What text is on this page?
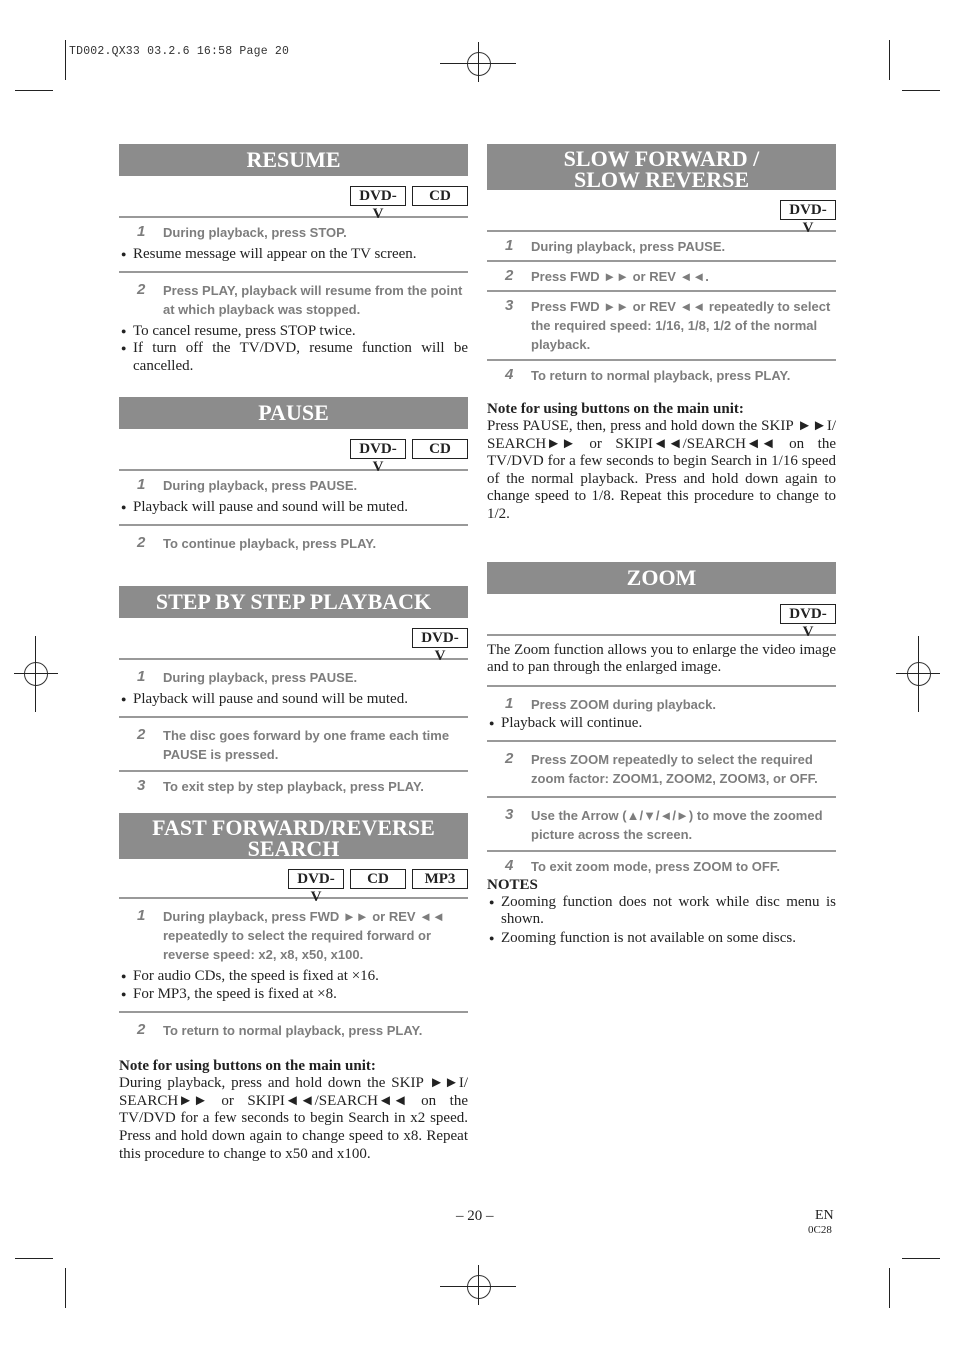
TD002.QX33 03.2.6 16:58 Page 20
RESUME
DVD-V
CD
1 During playback, press STOP.
● Resume message will appear on the TV screen.
2 Press PLAY, playback will resume from the point at which playback was stopped.
● To cancel resume, press STOP twice.
● If turn off the TV/DVD, resume function will be cancelled.
PAUSE
DVD-V
CD
1 During playback, press PAUSE.
● Playback will pause and sound will be muted.
2 To continue playback, press PLAY.
STEP BY STEP PLAYBACK
DVD-V
1 During playback, press PAUSE.
● Playback will pause and sound will be muted.
2 The disc goes forward by one frame each time PAUSE is pressed.
3 To exit step by step playback, press PLAY.
FAST FORWARD/REVERSE
SEARCH
DVD-V
CD	MP3
1 During playback, press FWD ►► or REV ◄◄ repeatedly to select the required forward or reverse speed: x2, x8, x50, x100.
● For audio CDs, the speed is fixed at ×16.
● For MP3, the speed is fixed at ×8.
2 To return to normal playback, press PLAY.
Note for using buttons on the main unit:
During playback, press and hold down the SKIP ►►I/ SEARCH►► or SKIPI◄◄/SEARCH◄◄ on the TV/DVD for a few seconds to begin Search in x2 speed. Press and hold down again to change speed to x8. Repeat this procedure to change to x50 and x100.
SLOW FORWARD /
SLOW REVERSE
DVD-V
1 During playback, press PAUSE.
2 Press FWD ►► or REV ◄◄.
3 Press FWD ►► or REV ◄◄ repeatedly to select the required speed: 1/16, 1/8, 1/2 of the normal playback.
4 To return to normal playback, press PLAY.
Note for using buttons on the main unit:
Press PAUSE, then, press and hold down the SKIP ►►I/ SEARCH►► or SKIPI◄◄/SEARCH◄◄ on the TV/DVD for a few seconds to begin Search in 1/16 speed of the normal playback. Press and hold down again to change speed to 1/8. Repeat this procedure to change to 1/2.
ZOOM
DVD-V
The Zoom function allows you to enlarge the video image and to pan through the enlarged image.
1 Press ZOOM during playback.
● Playback will continue.
2 Press ZOOM repeatedly to select the required zoom factor: ZOOM1, ZOOM2, ZOOM3, or OFF.
3 Use the Arrow (▲/▼/◄/►) to move the zoomed picture across the screen.
4 To exit zoom mode, press ZOOM to OFF.
NOTES
● Zooming function does not work while disc menu is shown.
● Zooming function is not available on some discs.
– 20 –	EN
0C28
